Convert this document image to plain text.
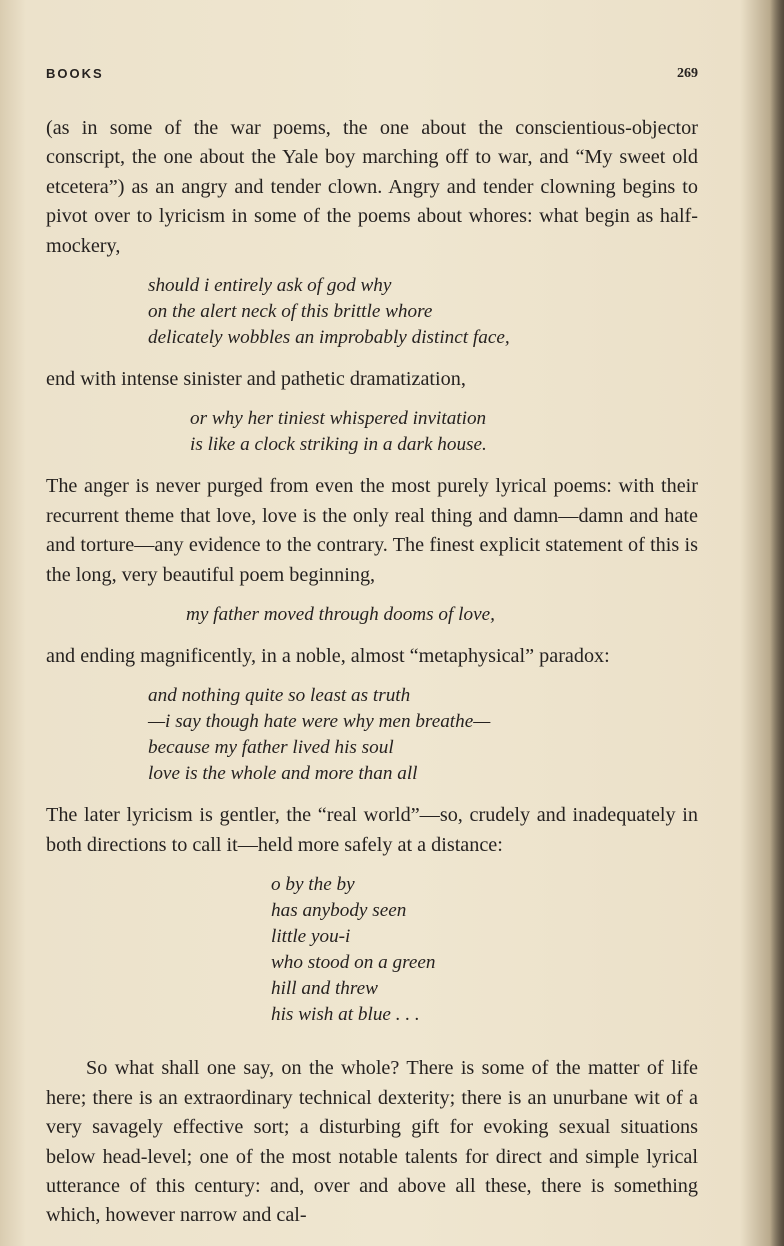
BOOKS	269

(as in some of the war poems, the one about the conscientious-objector conscript, the one about the Yale boy marching off to war, and “My sweet old etcetera”) as an angry and tender clown. Angry and tender clowning begins to pivot over to lyricism in some of the poems about whores: what begin as half-mockery,

should i entirely ask of god why
on the alert neck of this brittle whore
delicately wobbles an improbably distinct face,

end with intense sinister and pathetic dramatization,

or why her tiniest whispered invitation
is like a clock striking in a dark house.

The anger is never purged from even the most purely lyrical poems: with their recurrent theme that love, love is the only real thing and damn—damn and hate and torture—any evidence to the contrary. The finest explicit statement of this is the long, very beautiful poem beginning,

my father moved through dooms of love,

and ending magnificently, in a noble, almost “metaphysical” paradox:

and nothing quite so least as truth
—i say though hate were why men breathe—
because my father lived his soul
love is the whole and more than all

The later lyricism is gentler, the “real world”—so, crudely and inadequately in both directions to call it—held more safely at a distance:

o by the by
has anybody seen
little you-i
who stood on a green
hill and threw
his wish at blue . . .

So what shall one say, on the whole? There is some of the matter of life here; there is an extraordinary technical dexterity; there is an unurbane wit of a very savagely effective sort; a disturbing gift for evoking sexual situations below head-level; one of the most notable talents for direct and simple lyrical utterance of this century: and, over and above all these, there is something which, however narrow and cal-
